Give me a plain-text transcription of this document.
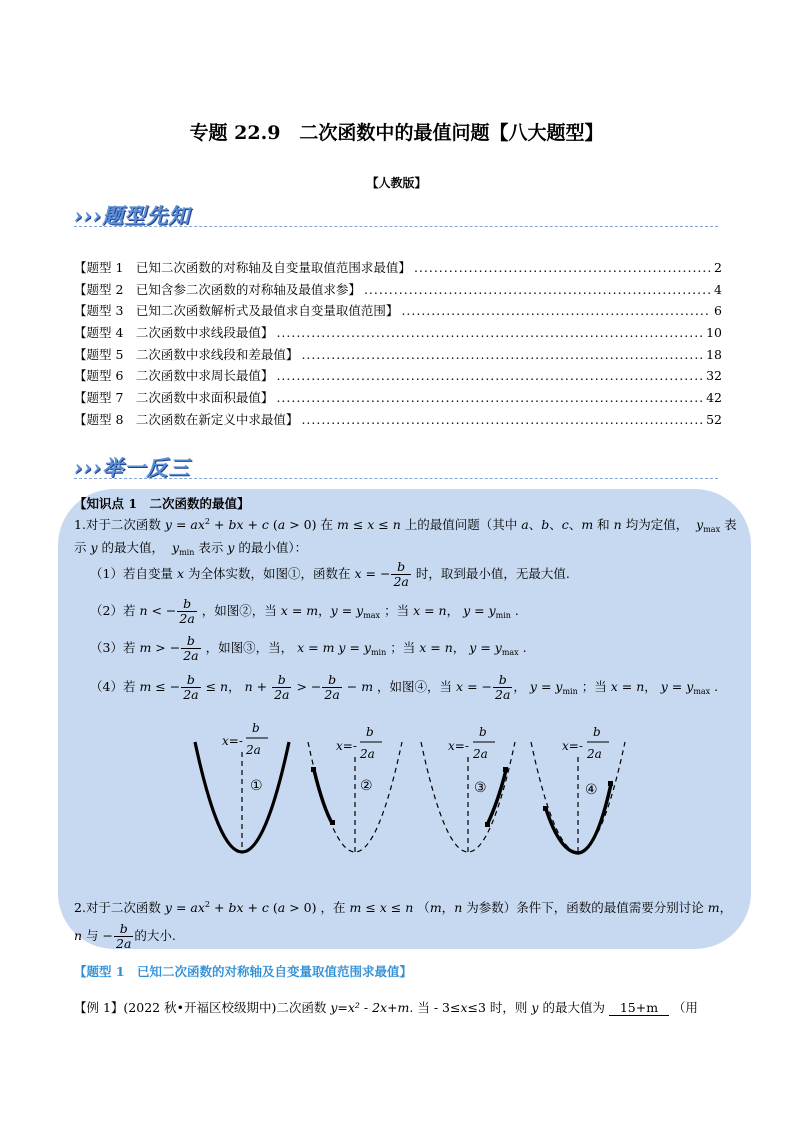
专题 22.9　二次函数中的最值问题【八大题型】
【人教版】
›››题型先知
【题型 1　已知二次函数的对称轴及自变量取值范围求最值】 .....	2
【题型 2　已知含参二次函数的对称轴及最值求参】 .....	4
【题型 3　已知二次函数解析式及最值求自变量取值范围】 .....	6
【题型 4　二次函数中求线段最值】 .....	10
【题型 5　二次函数中求线段和差最值】 .....	18
【题型 6　二次函数中求周长最值】 .....	32
【题型 7　二次函数中求面积最值】 .....	42
【题型 8　二次函数在新定义中求最值】 .....	52
›››举一反三
【知识点 1　二次函数的最值】
1.对于二次函数 $y = ax^2$ + bx + c (a > 0) 在 m ≤ x ≤ n 上的最值问题（其中 a、b、c、m 和 n 均为定值， $y_{max}$ 表
示 y 的最大值， $y_{min}$ 表示 y 的最小值）：
（1）若自变量 x 为全体实数，如图①，函数在 x = − $\frac{b}{2a}$ 时，取到最小值，无最大值.
（2）若 n < − $\frac{b}{2a}$ ，如图②，当 x = m，$y = y_{max}$ ；当 x = n， $y = y_{min}$ .
（3）若 m > − $\frac{b}{2a}$ ，如图③，当， x = m $y = y_{min}$ ；当 x = n， $y = y_{max}$ .
（4）若 m ≤ − $\frac{b}{2a} \le n$， $n + \frac{b}{2a}$ > − $\frac{b}{2a} - m$ ，如图④，当 x = − $\frac{b}{2a}$ ， $y = y_{min}$ ；当 x = n， $y = y_{max}$ .
x=-
b
2a
①
x=-
b
2a
②
x=-
b
2a
③
x=-
b
2a
④
2.对于二次函数 $y = ax^2$ + bx + c (a > 0) ，在 m ≤ x ≤ n （m，n 为参数）条件下，函数的最值需要分别讨论 m，
n 与 − $\frac{b}{2a}$ 的大小.
【题型 1　已知二次函数的对称轴及自变量取值范围求最值】
【例 1】(2022 秋•开福区校级期中)二次函数 y=x² - 2x+m. 当 - 3≤x≤3 时，则 y 的最大值为 15+m （用
